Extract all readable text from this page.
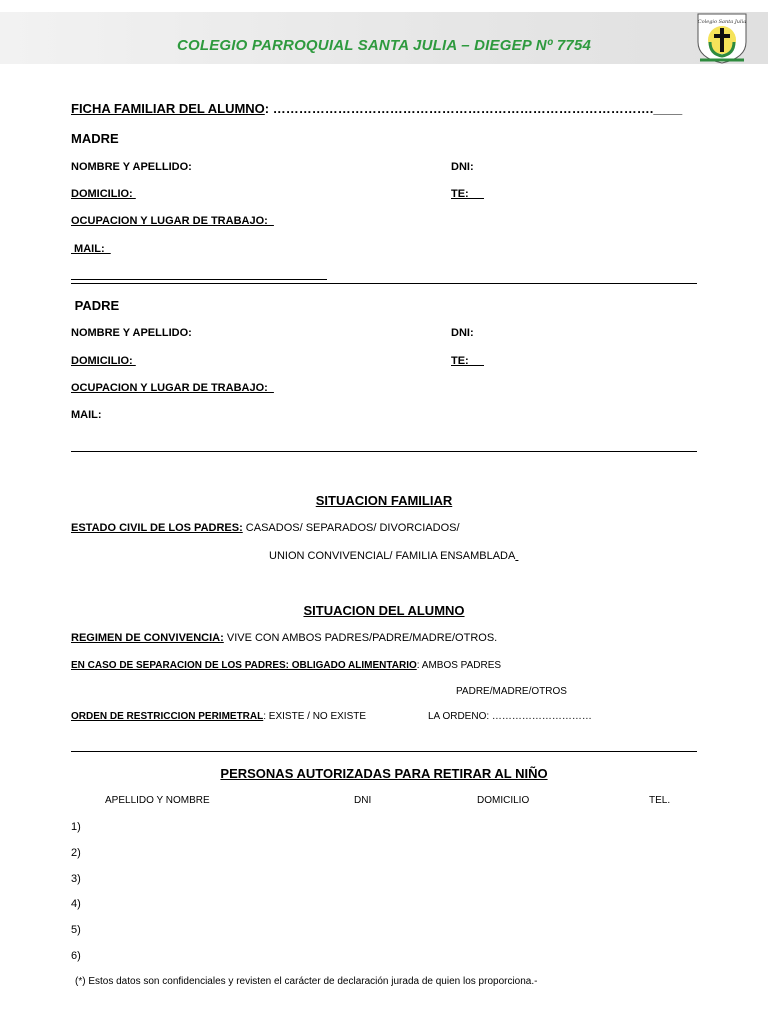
COLEGIO PARROQUIAL SANTA JULIA – DIEGEP Nº 7754
Colegio Santa Julia
FICHA FAMILIAR DEL ALUMNO: …………………………………………………………………………….____
MADRE
NOMBRE Y APELLIDO:	DNI:
DOMICILIO:	TE:
OCUPACION Y LUGAR DE TRABAJO:
MAIL:
PADRE
NOMBRE Y APELLIDO:	DNI:
DOMICILIO:	TE:
OCUPACION Y LUGAR DE TRABAJO:
MAIL:
SITUACION FAMILIAR
ESTADO CIVIL DE LOS PADRES: CASADOS/ SEPARADOS/ DIVORCIADOS/
UNION CONVIVENCIAL/ FAMILIA ENSAMBLADA
SITUACION DEL ALUMNO
REGIMEN DE CONVIVENCIA: VIVE CON AMBOS PADRES/PADRE/MADRE/OTROS.
EN CASO DE SEPARACION DE LOS PADRES: OBLIGADO ALIMENTARIO: AMBOS PADRES
PADRE/MADRE/OTROS
ORDEN DE RESTRICCION PERIMETRAL: EXISTE / NO EXISTE	LA ORDENO: …………………………
PERSONAS AUTORIZADAS PARA RETIRAR AL NIÑO
APELLIDO Y NOMBRE	DNI	DOMICILIO	TEL.
1)
2)
3)
4)
5)
6)
(*) Estos datos son confidenciales y revisten el carácter de declaración jurada de quien los proporciona.-
